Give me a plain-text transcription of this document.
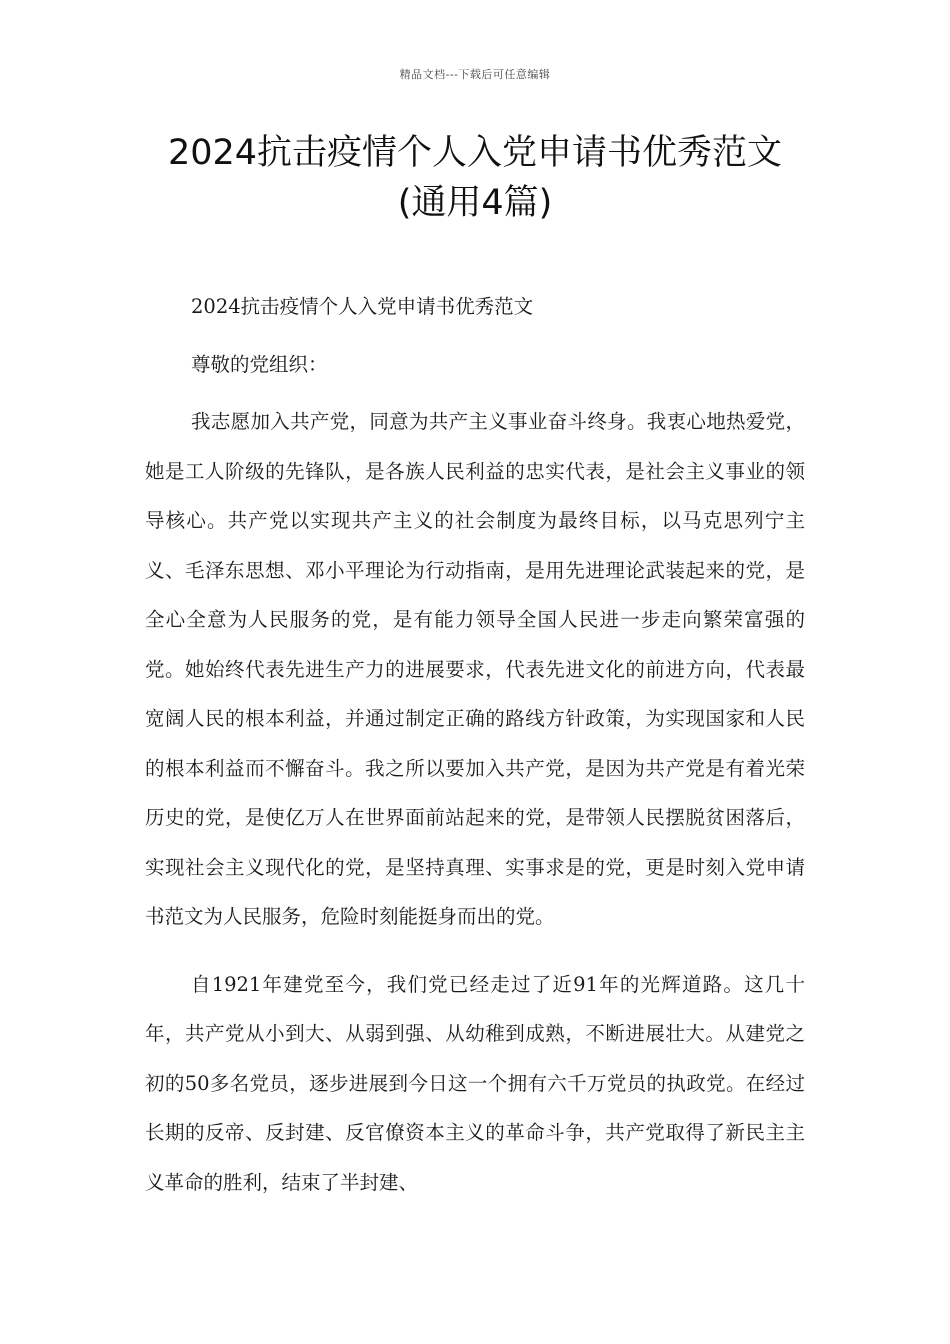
精品文档---下载后可任意编辑
2024抗击疫情个人入党申请书优秀范文
(通用4篇)

2024抗击疫情个人入党申请书优秀范文

尊敬的党组织：

我志愿加入共产党，同意为共产主义事业奋斗终身。我衷心地热爱党，她是工人阶级的先锋队，是各族人民利益的忠实代表，是社会主义事业的领导核心。共产党以实现共产主义的社会制度为最终目标，以马克思列宁主义、毛泽东思想、邓小平理论为行动指南，是用先进理论武装起来的党，是全心全意为人民服务的党，是有能力领导全国人民进一步走向繁荣富强的党。她始终代表先进生产力的进展要求，代表先进文化的前进方向，代表最宽阔人民的根本利益，并通过制定正确的路线方针政策，为实现国家和人民的根本利益而不懈奋斗。我之所以要加入共产党，是因为共产党是有着光荣历史的党，是使亿万人在世界面前站起来的党，是带领人民摆脱贫困落后，实现社会主义现代化的党，是坚持真理、实事求是的党，更是时刻入党申请书范文为人民服务，危险时刻能挺身而出的党。

自1921年建党至今，我们党已经走过了近91年的光辉道路。这几十年，共产党从小到大、从弱到强、从幼稚到成熟，不断进展壮大。从建党之初的50多名党员，逐步进展到今日这一个拥有六千万党员的执政党。在经过长期的反帝、反封建、反官僚资本主义的革命斗争，共产党取得了新民主主义革命的胜利，结束了半封建、
